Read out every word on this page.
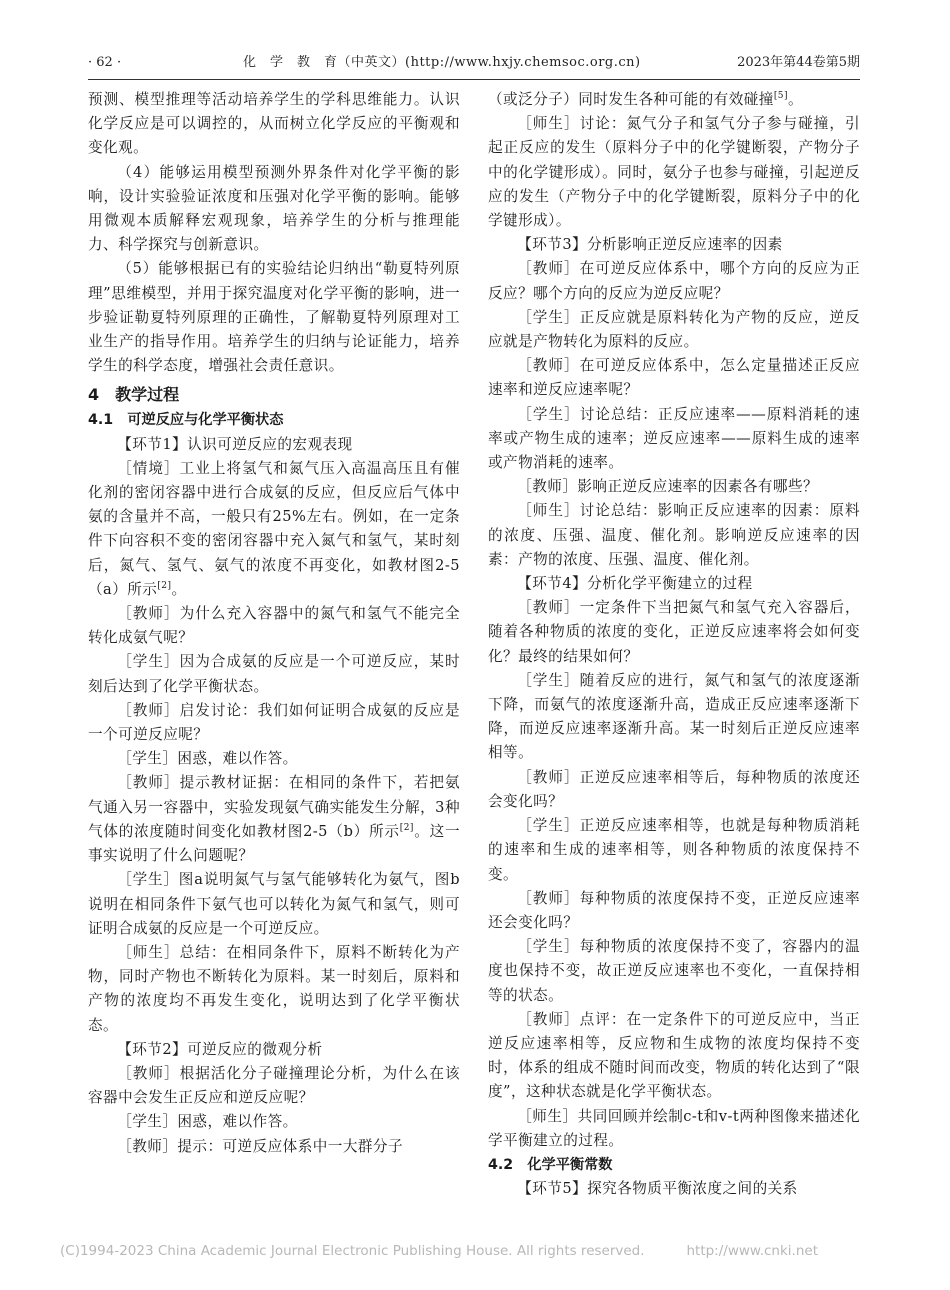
· 62 ·	化　学　教　育（中英文）(http://www.hxjy.chemsoc.org.cn)	2023年第44卷第5期

预测、模型推理等活动培养学生的学科思维能力。认识化学反应是可以调控的，从而树立化学反应的平衡观和变化观。

（4）能够运用模型预测外界条件对化学平衡的影响，设计实验验证浓度和压强对化学平衡的影响。能够用微观本质解释宏观现象，培养学生的分析与推理能力、科学探究与创新意识。

（5）能够根据已有的实验结论归纳出“勒夏特列原理”思维模型，并用于探究温度对化学平衡的影响，进一步验证勒夏特列原理的正确性，了解勒夏特列原理对工业生产的指导作用。培养学生的归纳与论证能力，培养学生的科学态度，增强社会责任意识。

4　教学过程
4.1　可逆反应与化学平衡状态

【环节1】认识可逆反应的宏观表现

［情境］工业上将氢气和氮气压入高温高压且有催化剂的密闭容器中进行合成氨的反应，但反应后气体中氨的含量并不高，一般只有25%左右。例如，在一定条件下向容积不变的密闭容器中充入氮气和氢气，某时刻后，氮气、氢气、氨气的浓度不再变化，如教材图2-5（a）所示[2]。

［教师］为什么充入容器中的氮气和氢气不能完全转化成氨气呢？

［学生］因为合成氨的反应是一个可逆反应，某时刻后达到了化学平衡状态。

［教师］启发讨论：我们如何证明合成氨的反应是一个可逆反应呢？

［学生］困惑，难以作答。

［教师］提示教材证据：在相同的条件下，若把氨气通入另一容器中，实验发现氨气确实能发生分解，3种气体的浓度随时间变化如教材图2-5（b）所示[2]。这一事实说明了什么问题呢？

［学生］图a说明氮气与氢气能够转化为氨气，图b说明在相同条件下氨气也可以转化为氮气和氢气，则可证明合成氨的反应是一个可逆反应。

［师生］总结：在相同条件下，原料不断转化为产物，同时产物也不断转化为原料。某一时刻后，原料和产物的浓度均不再发生变化，说明达到了化学平衡状态。

【环节2】可逆反应的微观分析

［教师］根据活化分子碰撞理论分析，为什么在该容器中会发生正反应和逆反应呢？

［学生］困惑，难以作答。

［教师］提示：可逆反应体系中一大群分子

（或泛分子）同时发生各种可能的有效碰撞[5]。

［师生］讨论：氮气分子和氢气分子参与碰撞，引起正反应的发生（原料分子中的化学键断裂，产物分子中的化学键形成）。同时，氨分子也参与碰撞，引起逆反应的发生（产物分子中的化学键断裂，原料分子中的化学键形成）。

【环节3】分析影响正逆反应速率的因素

［教师］在可逆反应体系中，哪个方向的反应为正反应？哪个方向的反应为逆反应呢？

［学生］正反应就是原料转化为产物的反应，逆反应就是产物转化为原料的反应。

［教师］在可逆反应体系中，怎么定量描述正反应速率和逆反应速率呢？

［学生］讨论总结：正反应速率——原料消耗的速率或产物生成的速率；逆反应速率——原料生成的速率或产物消耗的速率。

［教师］影响正逆反应速率的因素各有哪些？

［师生］讨论总结：影响正反应速率的因素：原料的浓度、压强、温度、催化剂。影响逆反应速率的因素：产物的浓度、压强、温度、催化剂。

【环节4】分析化学平衡建立的过程

［教师］一定条件下当把氮气和氢气充入容器后，随着各种物质的浓度的变化，正逆反应速率将会如何变化？最终的结果如何？

［学生］随着反应的进行，氮气和氢气的浓度逐渐下降，而氨气的浓度逐渐升高，造成正反应速率逐渐下降，而逆反应速率逐渐升高。某一时刻后正逆反应速率相等。

［教师］正逆反应速率相等后，每种物质的浓度还会变化吗？

［学生］正逆反应速率相等，也就是每种物质消耗的速率和生成的速率相等，则各种物质的浓度保持不变。

［教师］每种物质的浓度保持不变，正逆反应速率还会变化吗？

［学生］每种物质的浓度保持不变了，容器内的温度也保持不变，故正逆反应速率也不变化，一直保持相等的状态。

［教师］点评：在一定条件下的可逆反应中，当正逆反应速率相等，反应物和生成物的浓度均保持不变时，体系的组成不随时间而改变，物质的转化达到了“限度”，这种状态就是化学平衡状态。

［师生］共同回顾并绘制c-t和v-t两种图像来描述化学平衡建立的过程。

4.2　化学平衡常数

【环节5】探究各物质平衡浓度之间的关系

(C)1994-2023 China Academic Journal Electronic Publishing House. All rights reserved.	http://www.cnki.net
